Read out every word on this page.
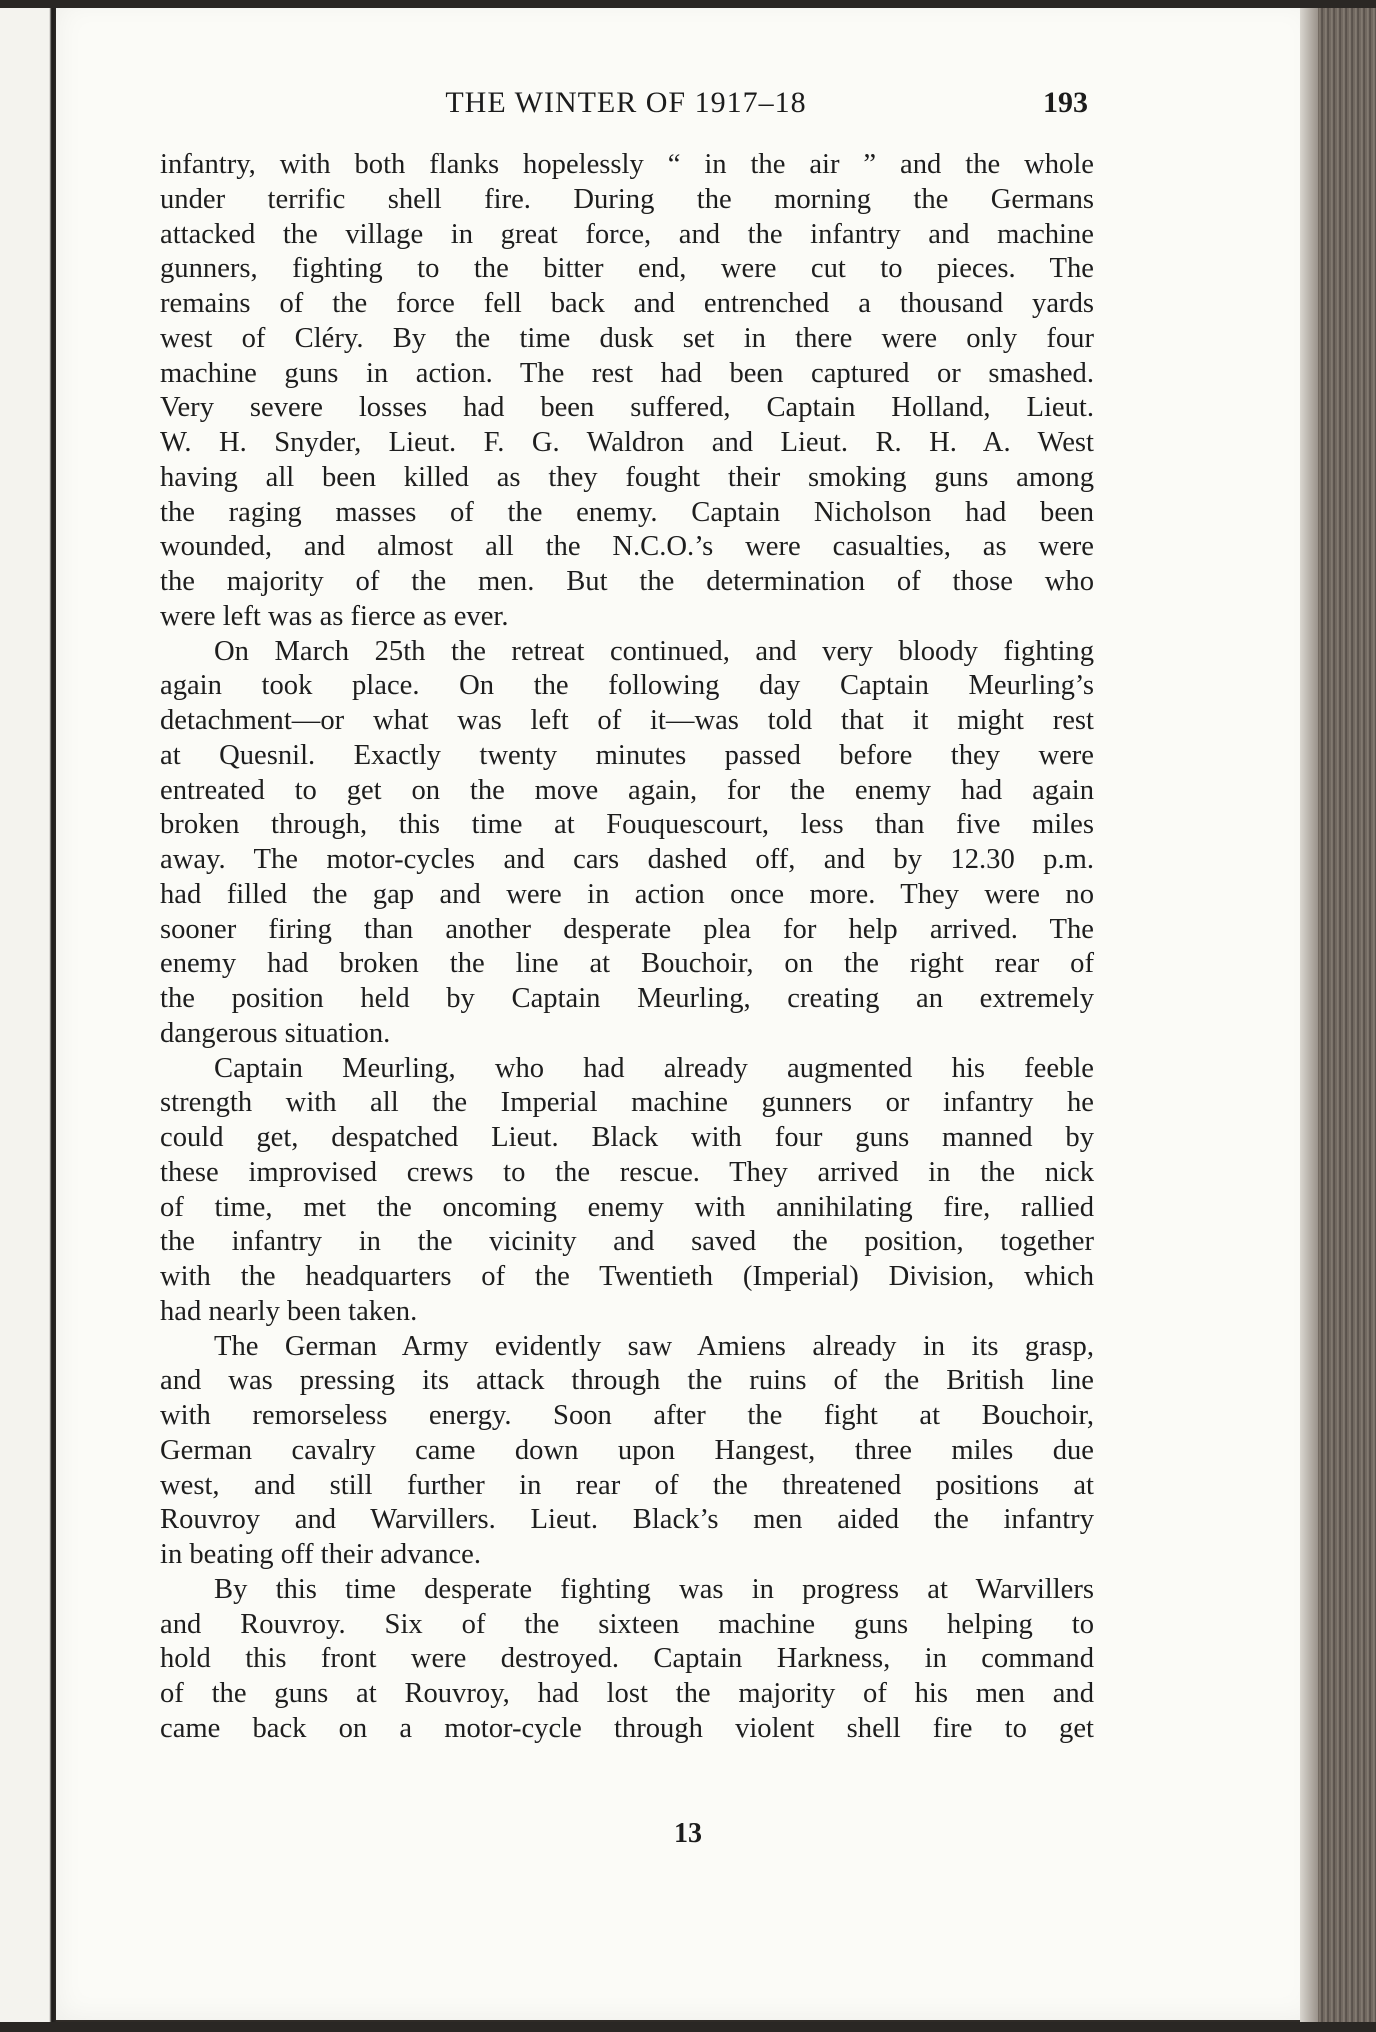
THE WINTER OF 1917–18	193

infantry, with both flanks hopelessly “ in the air ” and the whole

under terrific shell fire. During the morning the Germans

attacked the village in great force, and the infantry and machine

gunners, fighting to the bitter end, were cut to pieces. The

remains of the force fell back and entrenched a thousand yards

west of Cléry. By the time dusk set in there were only four

machine guns in action. The rest had been captured or smashed.

Very severe losses had been suffered, Captain Holland, Lieut.

W. H. Snyder, Lieut. F. G. Waldron and Lieut. R. H. A. West

having all been killed as they fought their smoking guns among

the raging masses of the enemy. Captain Nicholson had been

wounded, and almost all the N.C.O.’s were casualties, as were

the majority of the men. But the determination of those who

were left was as fierce as ever.

On March 25th the retreat continued, and very bloody fighting

again took place. On the following day Captain Meurling’s

detachment—or what was left of it—was told that it might rest

at Quesnil. Exactly twenty minutes passed before they were

entreated to get on the move again, for the enemy had again

broken through, this time at Fouquescourt, less than five miles

away. The motor-cycles and cars dashed off, and by 12.30 p.m.

had filled the gap and were in action once more. They were no

sooner firing than another desperate plea for help arrived. The

enemy had broken the line at Bouchoir, on the right rear of

the position held by Captain Meurling, creating an extremely

dangerous situation.

Captain Meurling, who had already augmented his feeble

strength with all the Imperial machine gunners or infantry he

could get, despatched Lieut. Black with four guns manned by

these improvised crews to the rescue. They arrived in the nick

of time, met the oncoming enemy with annihilating fire, rallied

the infantry in the vicinity and saved the position, together

with the headquarters of the Twentieth (Imperial) Division, which

had nearly been taken.

The German Army evidently saw Amiens already in its grasp,

and was pressing its attack through the ruins of the British line

with remorseless energy. Soon after the fight at Bouchoir,

German cavalry came down upon Hangest, three miles due

west, and still further in rear of the threatened positions at

Rouvroy and Warvillers. Lieut. Black’s men aided the infantry

in beating off their advance.

By this time desperate fighting was in progress at Warvillers

and Rouvroy. Six of the sixteen machine guns helping to

hold this front were destroyed. Captain Harkness, in command

of the guns at Rouvroy, had lost the majority of his men and

came back on a motor-cycle through violent shell fire to get

13
